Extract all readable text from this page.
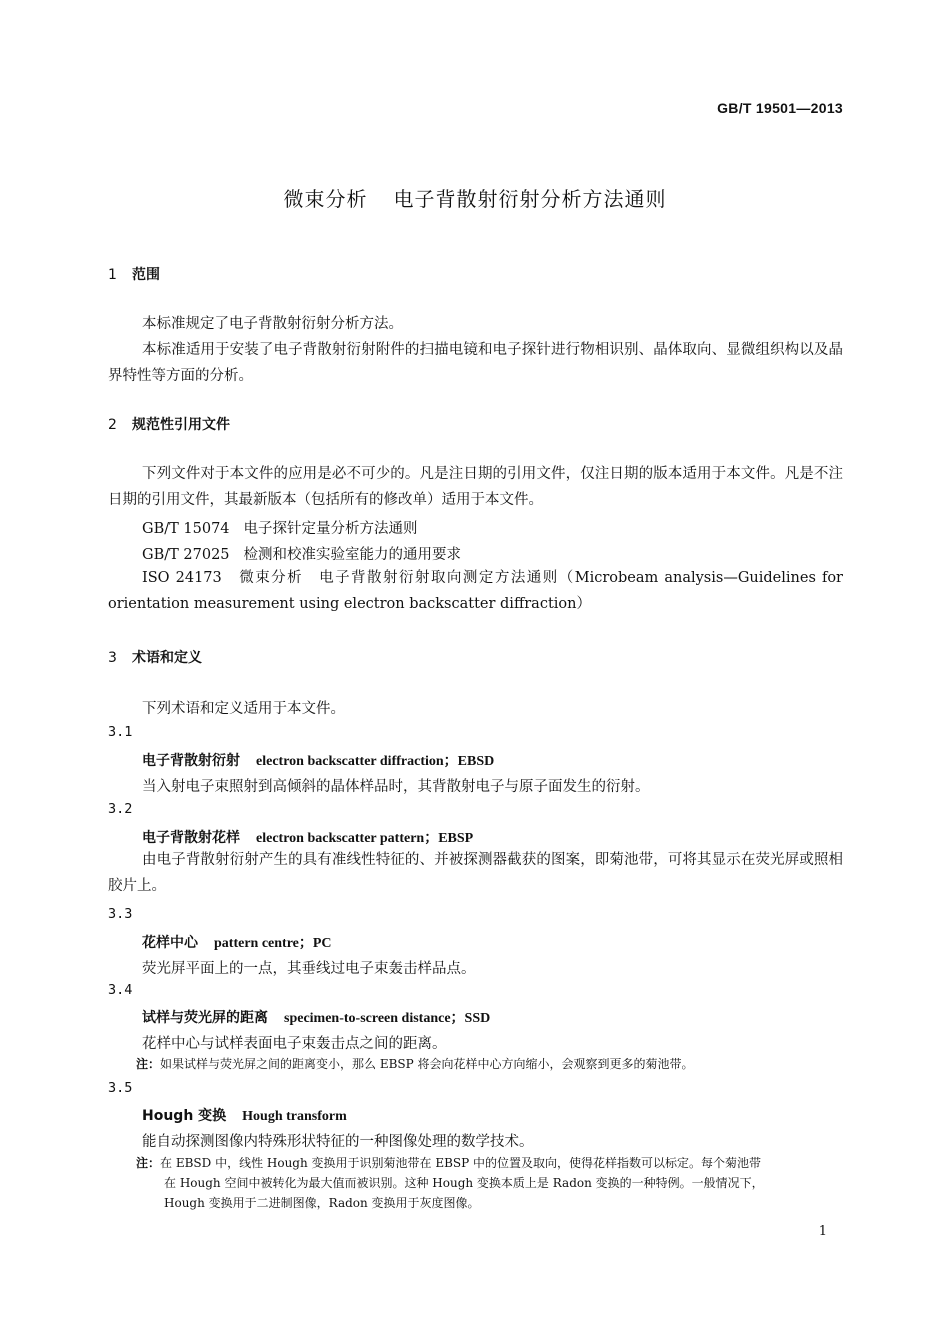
GB/T 19501—2013
微束分析 电子背散射衍射分析方法通则
1 范围

本标准规定了电子背散射衍射分析方法。

本标准适用于安装了电子背散射衍射附件的扫描电镜和电子探针进行物相识别、晶体取向、显微组织构以及晶界特性等方面的分析。

2 规范性引用文件

下列文件对于本文件的应用是必不可少的。凡是注日期的引用文件，仅注日期的版本适用于本文件。凡是不注日期的引用文件，其最新版本（包括所有的修改单）适用于本文件。

GB/T 15074 电子探针定量分析方法通则
GB/T 27025 检测和校准实验室能力的通用要求

ISO 24173　微束分析　电子背散射衍射取向测定方法通则（Microbeam analysis—Guidelines for orientation measurement using electron backscatter diffraction）

3 术语和定义
下列术语和定义适用于本文件。
3.1
电子背散射衍射 electron backscatter diffraction；EBSD
当入射电子束照射到高倾斜的晶体样品时，其背散射电子与原子面发生的衍射。
3.2
电子背散射花样 electron backscatter pattern；EBSP

由电子背散射衍射产生的具有准线性特征的、并被探测器截获的图案，即菊池带，可将其显示在荧光屏或照相胶片上。

3.3
花样中心 pattern centre；PC
荧光屏平面上的一点，其垂线过电子束轰击样品点。
3.4
试样与荧光屏的距离 specimen-to-screen distance；SSD
花样中心与试样表面电子束轰击点之间的距离。
注：如果试样与荧光屏之间的距离变小，那么 EBSP 将会向花样中心方向缩小，会观察到更多的菊池带。
3.5
Hough 变换 Hough transform
能自动探测图像内特殊形状特征的一种图像处理的数学技术。
注：在 EBSD 中，线性 Hough 变换用于识别菊池带在 EBSP 中的位置及取向，使得花样指数可以标定。每个菊池带
在 Hough 空间中被转化为最大值而被识别。这种 Hough 变换本质上是 Radon 变换的一种特例。一般情况下，
Hough 变换用于二进制图像，Radon 变换用于灰度图像。
1
